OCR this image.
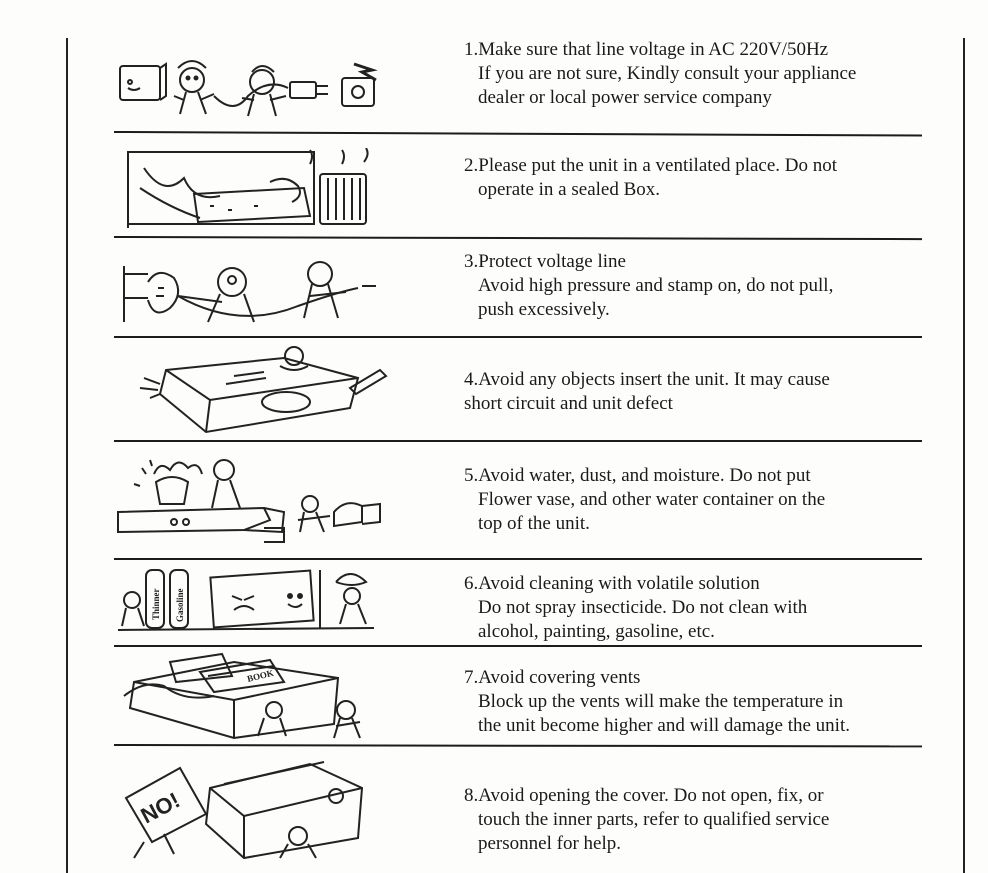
1.Make sure that line voltage in AC 220V/50Hz
If you are not sure, Kindly consult your appliance
dealer or local power service company
2.Please put the unit in a ventilated place. Do not
operate in a sealed Box.
3.Protect voltage line
Avoid high pressure and stamp on, do not pull,
push excessively.
4.Avoid any objects insert the unit. It may cause
short circuit and unit defect
5.Avoid water, dust, and moisture. Do not put
Flower vase, and other water container on the
top of the unit.
Thinner Gasoline
6.Avoid cleaning with volatile solution
Do not spray insecticide. Do not clean with
alcohol, painting, gasoline, etc.
BOOK	7.Avoid covering vents
Block up the vents will make the temperature in
the unit become higher and will damage the unit.
NO!	8.Avoid opening the cover. Do not open, fix, or
touch the inner parts, refer to qualified service
personnel for help.
